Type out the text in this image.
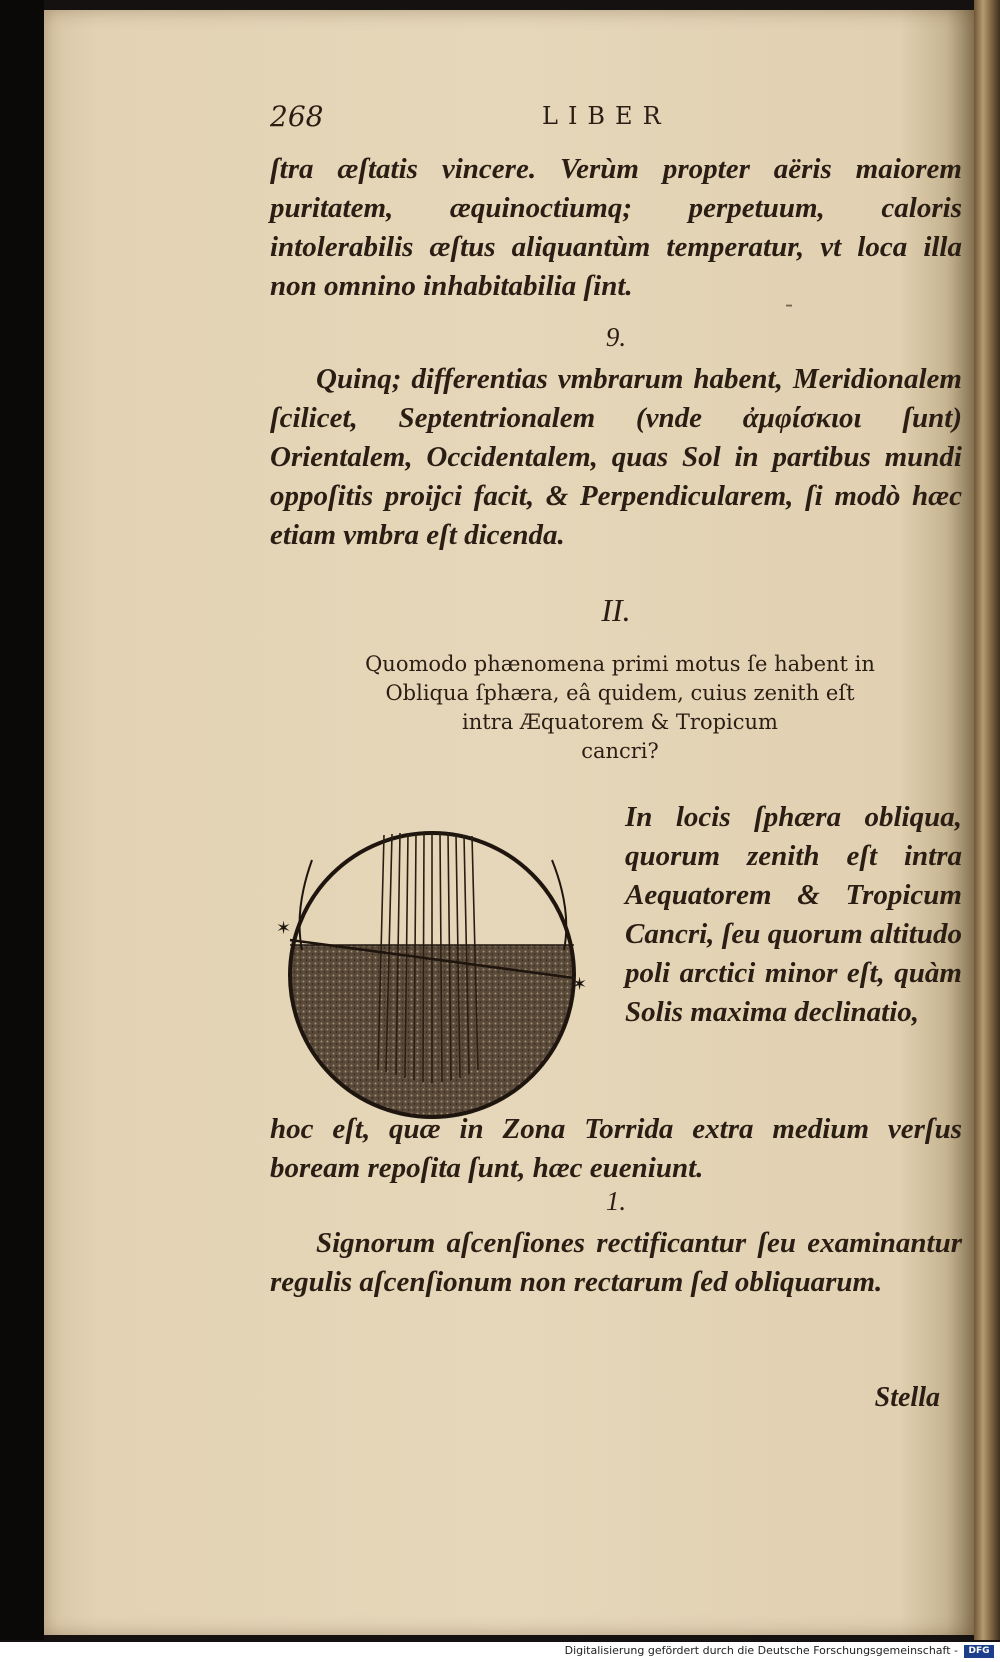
268	LIBER
ſtra æſtatis vincere. Verùm propter aëris maiorem puritatem, æquinoctiumq; perpetuum, caloris intolerabilis æſtus aliquantùm temperatur, vt loca illa non omnino inhabitabilia ſint.
-
9.
Quinq; differentias vmbrarum habent, Meridionalem ſcilicet, Septentrionalem (vnde ἀμφίσκιοι ſunt) Orientalem, Occidentalem, quas Sol in partibus mundi oppoſitis proijci facit, & Perpendicularem, ſi modò hæc etiam vmbra eſt dicenda.
II.
Quomodo phænomena primi motus ſe habent in
Obliqua ſphæra, eâ quidem, cuius zenith eſt
intra Æquatorem & Tropicum
cancri?
✶
✶
In locis ſphæra obliqua, quorum zenith eſt intra Aequatorem & Tropicum Cancri, ſeu quorum altitudo poli arctici minor eſt, quàm Solis maxima declinatio,
hoc eſt, quæ in Zona Torrida extra medium verſus boream repoſita ſunt, hæc eueniunt.
1.
Signorum aſcenſiones rectificantur ſeu examinantur regulis aſcenſionum non rectarum ſed obliquarum.
Stella
Digitalisierung gefördert durch die Deutsche Forschungsgemeinschaft -	DFG
